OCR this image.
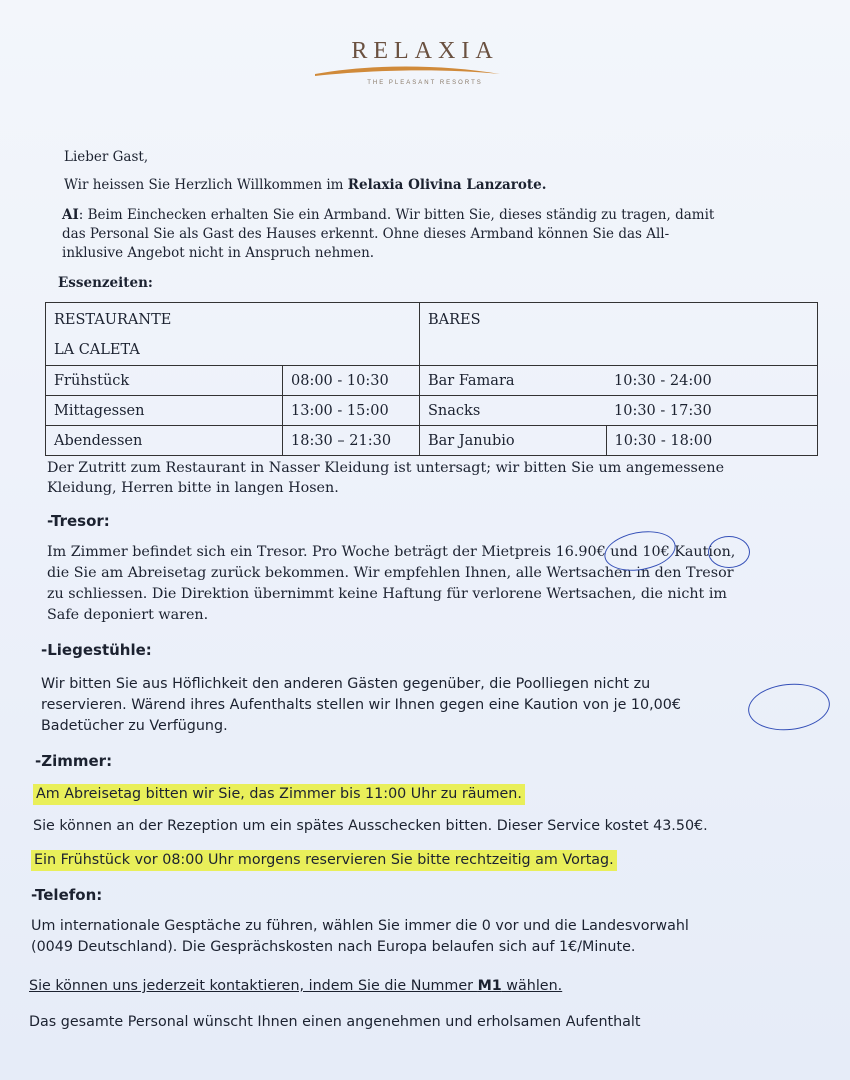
RELAXIA
THE PLEASANT RESORTS
Lieber Gast,
Wir heissen Sie Herzlich Willkommen im Relaxia Olivina Lanzarote.
AI: Beim Einchecken erhalten Sie ein Armband. Wir bitten Sie, dieses ständig zu tragen, damit
das Personal Sie als Gast des Hauses erkennt. Ohne dieses Armband können Sie das All-
inklusive Angebot nicht in Anspruch nehmen.
Essenzeiten:
RESTAURANTE
LA CALETA		BARES	
Frühstück	08:00 - 10:30	Bar Famara	10:30 - 24:00
Mittagessen	13:00 - 15:00	Snacks	10:30 - 17:30
Abendessen	18:30 – 21:30	Bar Janubio	10:30 - 18:00
Der Zutritt zum Restaurant in Nasser Kleidung ist untersagt; wir bitten Sie um angemessene
Kleidung, Herren bitte in langen Hosen.
-Tresor:
Im Zimmer befindet sich ein Tresor. Pro Woche beträgt der Mietpreis 16.90€ und 10€ Kaution,
die Sie am Abreisetag zurück bekommen. Wir empfehlen Ihnen, alle Wertsachen in den Tresor
zu schliessen. Die Direktion übernimmt keine Haftung für verlorene Wertsachen, die nicht im
Safe deponiert waren.
-Liegestühle:
Wir bitten Sie aus Höflichkeit den anderen Gästen gegenüber, die Poolliegen nicht zu
reservieren. Wärend ihres Aufenthalts stellen wir Ihnen gegen eine Kaution von je 10,00€
Badetücher zu Verfügung.
-Zimmer:
Am Abreisetag bitten wir Sie, das Zimmer bis 11:00 Uhr zu räumen.
Sie können an der Rezeption um ein spätes Ausschecken bitten. Dieser Service kostet 43.50€.
Ein Frühstück vor 08:00 Uhr morgens reservieren Sie bitte rechtzeitig am Vortag.
-Telefon:
Um internationale Gesptäche zu führen, wählen Sie immer die 0 vor und die Landesvorwahl
(0049 Deutschland). Die Gesprächskosten nach Europa belaufen sich auf 1€/Minute.
Sie können uns jederzeit kontaktieren, indem Sie die Nummer M1 wählen.
Das gesamte Personal wünscht Ihnen einen angenehmen und erholsamen Aufenthalt
